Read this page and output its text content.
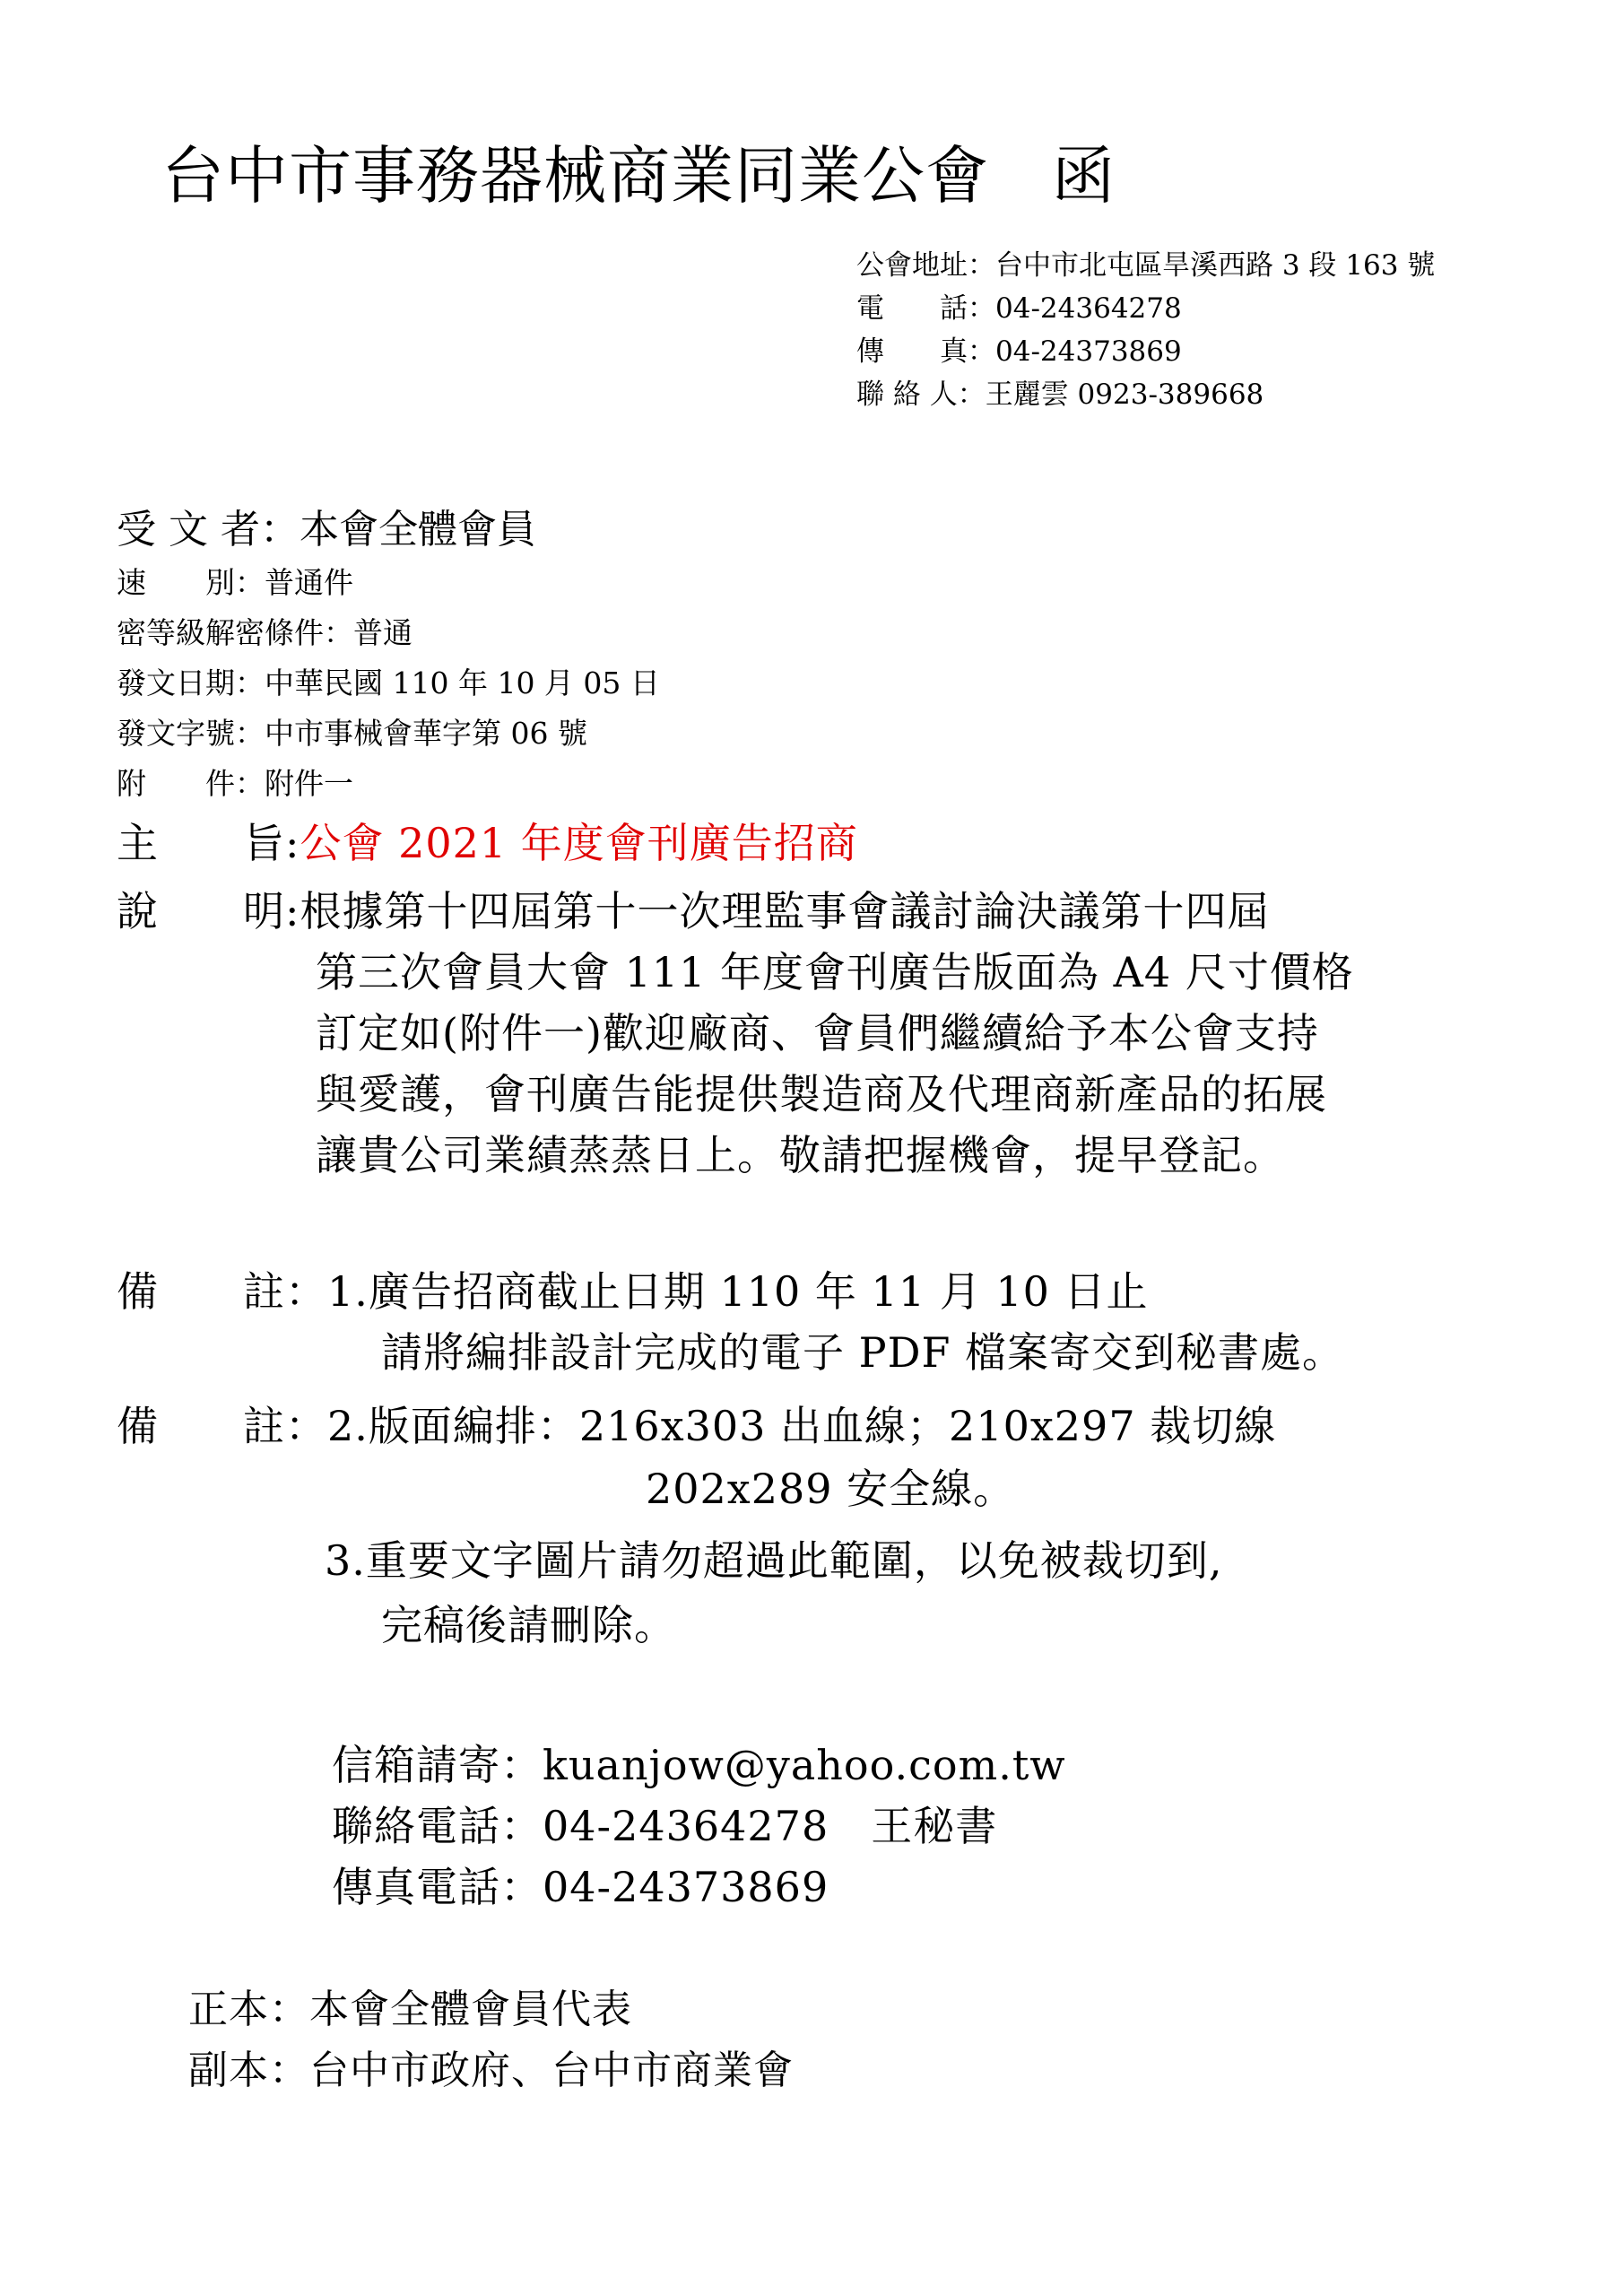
台中市事務器械商業同業公會 函
公會地址：台中市北屯區旱溪西路 3 段 163 號
電　　話：04-24364278
傳　　真：04-24373869
聯 絡 人：王麗雲 0923-389668
受 文 者：本會全體會員
速　　別：普通件
密等級解密條件：普通
發文日期：中華民國 110 年 10 月 05 日
發文字號：中市事械會華字第 06 號
附　　件：附件一
主　　旨:公會 2021 年度會刊廣告招商
說　　明:根據第十四屆第十一次理監事會議討論決議第十四屆
第三次會員大會 111 年度會刊廣告版面為 A4 尺寸價格
訂定如(附件一)歡迎廠商、會員們繼續給予本公會支持
與愛護，會刊廣告能提供製造商及代理商新產品的拓展
讓貴公司業績蒸蒸日上。敬請把握機會，提早登記。
備　　註：1.廣告招商截止日期 110 年 11 月 10 日止
請將編排設計完成的電子 PDF 檔案寄交到秘書處。
備　　註：2.版面編排：216x303 出血線；210x297 裁切線
202x289 安全線。
3.重要文字圖片請勿超過此範圍，以免被裁切到,
完稿後請刪除。
信箱請寄：kuanjow@yahoo.com.tw
聯絡電話：04-24364278　王秘書
傳真電話：04-24373869
正本：本會全體會員代表
副本：台中市政府、台中市商業會
